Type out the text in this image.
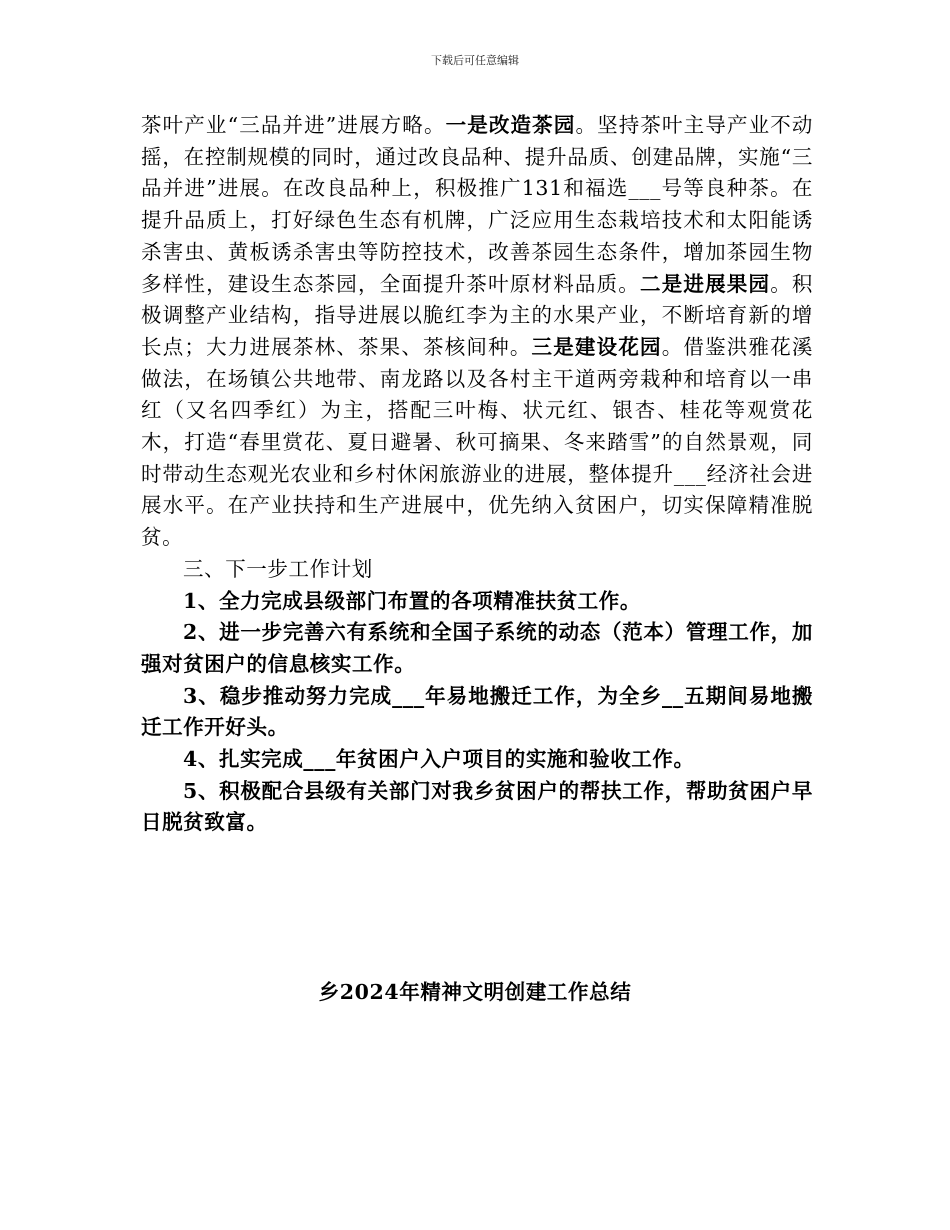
下载后可任意编辑

茶叶产业“三品并进”进展方略。一是改造茶园。坚持茶叶主导产业不动摇，在控制规模的同时，通过改良品种、提升品质、创建品牌，实施“三品并进”进展。在改良品种上，积极推广131和福选___号等良种茶。在提升品质上，打好绿色生态有机牌，广泛应用生态栽培技术和太阳能诱杀害虫、黄板诱杀害虫等防控技术，改善茶园生态条件，增加茶园生物多样性，建设生态茶园，全面提升茶叶原材料品质。二是进展果园。积极调整产业结构，指导进展以脆红李为主的水果产业，不断培育新的增长点；大力进展茶林、茶果、茶核间种。三是建设花园。借鉴洪雅花溪做法，在场镇公共地带、南龙路以及各村主干道两旁栽种和培育以一串红（又名四季红）为主，搭配三叶梅、状元红、银杏、桂花等观赏花木，打造“春里赏花、夏日避暑、秋可摘果、冬来踏雪”的自然景观，同时带动生态观光农业和乡村休闲旅游业的进展，整体提升___经济社会进展水平。在产业扶持和生产进展中，优先纳入贫困户，切实保障精准脱贫。

三、下一步工作计划

1、全力完成县级部门布置的各项精准扶贫工作。

2、进一步完善六有系统和全国子系统的动态（范本）管理工作，加强对贫困户的信息核实工作。

3、稳步推动努力完成___年易地搬迁工作，为全乡__五期间易地搬迁工作开好头。

4、扎实完成___年贫困户入户项目的实施和验收工作。

5、积极配合县级有关部门对我乡贫困户的帮扶工作，帮助贫困户早日脱贫致富。

乡2024年精神文明创建工作总结
